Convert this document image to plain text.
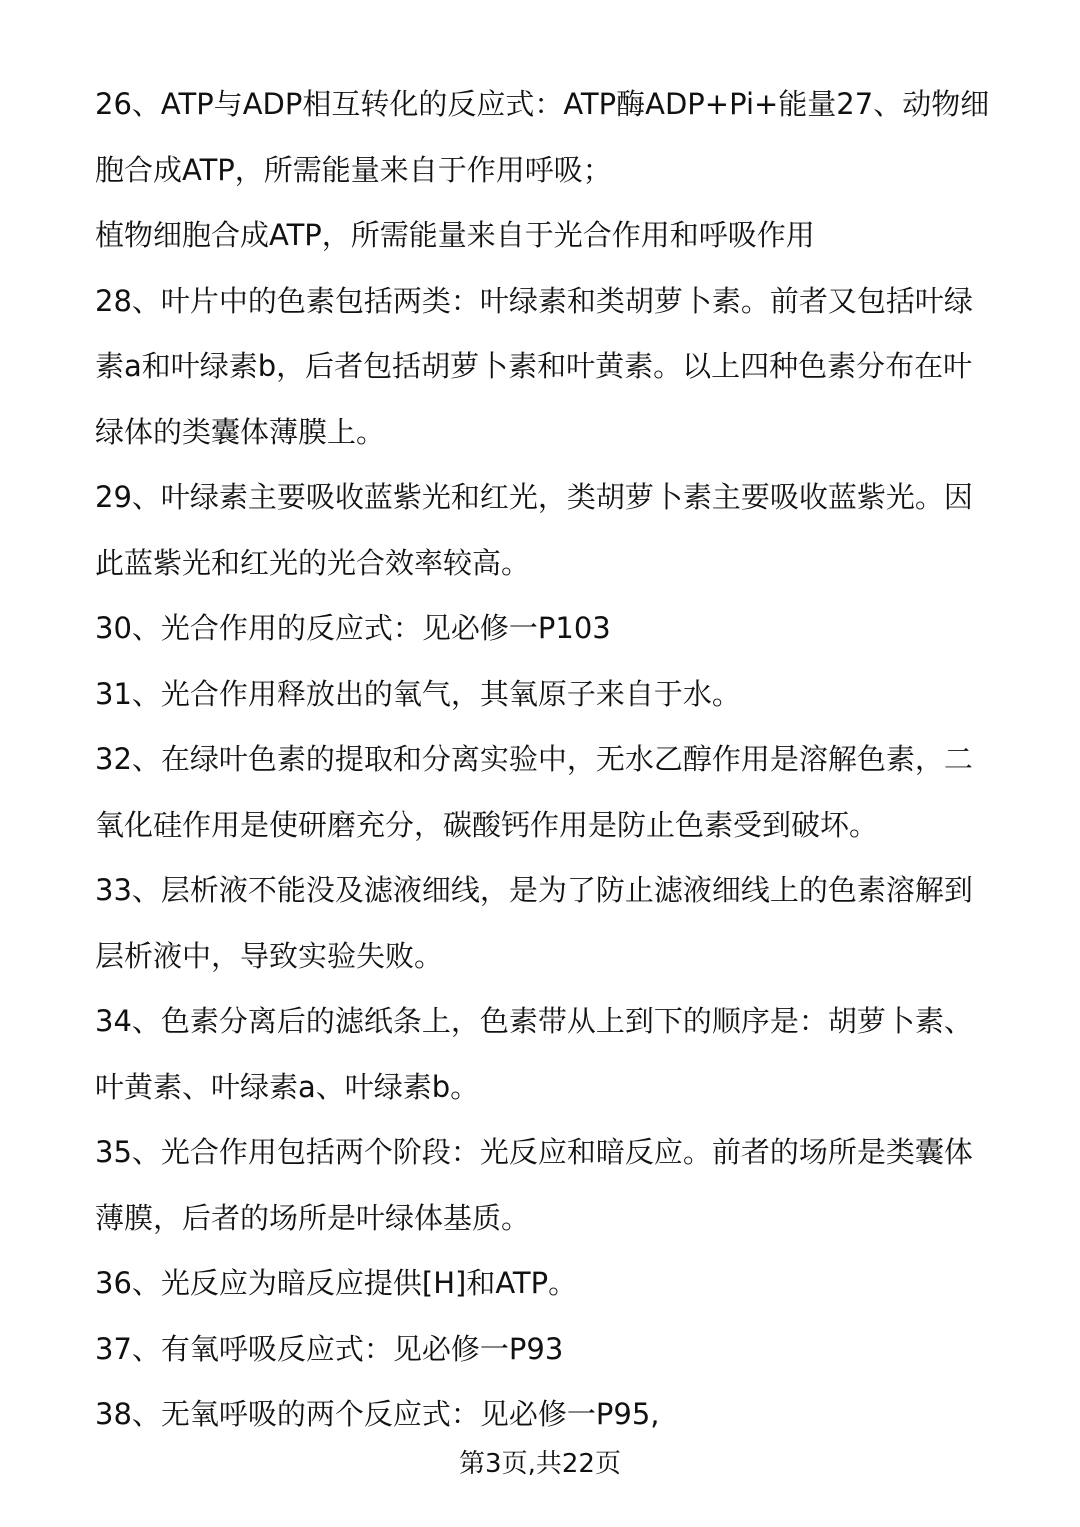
26、ATP与ADP相互转化的反应式：ATP酶ADP+Pi+能量27、动物细胞合成ATP，所需能量来自于作用呼吸；

植物细胞合成ATP，所需能量来自于光合作用和呼吸作用

28、叶片中的色素包括两类：叶绿素和类胡萝卜素。前者又包括叶绿素a和叶绿素b，后者包括胡萝卜素和叶黄素。以上四种色素分布在叶绿体的类囊体薄膜上。

29、叶绿素主要吸收蓝紫光和红光，类胡萝卜素主要吸收蓝紫光。因此蓝紫光和红光的光合效率较高。

30、光合作用的反应式：见必修一P103

31、光合作用释放出的氧气，其氧原子来自于水。

32、在绿叶色素的提取和分离实验中，无水乙醇作用是溶解色素，二氧化硅作用是使研磨充分，碳酸钙作用是防止色素受到破坏。

33、层析液不能没及滤液细线，是为了防止滤液细线上的色素溶解到层析液中，导致实验失败。

34、色素分离后的滤纸条上，色素带从上到下的顺序是：胡萝卜素、叶黄素、叶绿素a、叶绿素b。

35、光合作用包括两个阶段：光反应和暗反应。前者的场所是类囊体薄膜，后者的场所是叶绿体基质。

36、光反应为暗反应提供[H]和ATP。

37、有氧呼吸反应式：见必修一P93

38、无氧呼吸的两个反应式：见必修一P95,

第3页,共22页
